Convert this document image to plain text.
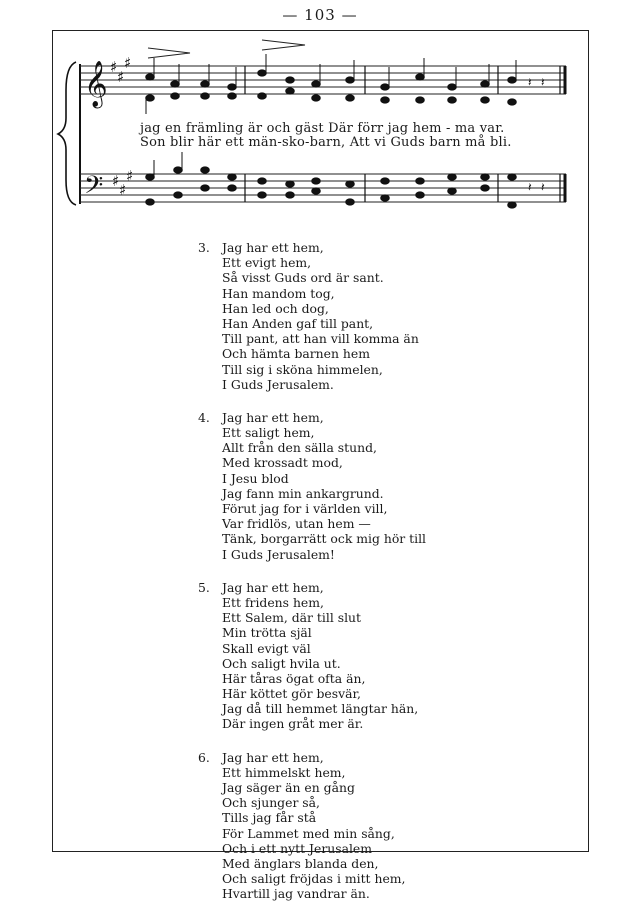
— 103 —
𝄞 ♯
♯
♯
𝄢 ♯ ♯
♯
𝄽 𝄽
𝄽 𝄽
jag en främling är och gäst Där förr jag hem - ma var.
Son blir här ett män-sko-barn, Att vi Guds barn må bli.
3. Jag har ett hem,
Ett evigt hem,
Så visst Guds ord är sant.
Han mandom tog,
Han led och dog,
Han Anden gaf till pant,
Till pant, att han vill komma än
Och hämta barnen hem
Till sig i sköna himmelen,
I Guds Jerusalem.
4. Jag har ett hem,
Ett saligt hem,
Allt från den sälla stund,
Med krossadt mod,
I Jesu blod
Jag fann min ankargrund.
Förut jag for i världen vill,
Var fridlös, utan hem —
Tänk, borgarrätt ock mig hör till
I Guds Jerusalem!
5. Jag har ett hem,
Ett fridens hem,
Ett Salem, där till slut
Min trötta själ
Skall evigt väl
Och saligt hvila ut.
Här tåras ögat ofta än,
Här köttet gör besvär,
Jag då till hemmet längtar hän,
Där ingen gråt mer är.
6. Jag har ett hem,
Ett himmelskt hem,
Jag säger än en gång
Och sjunger så,
Tills jag får stå
För Lammet med min sång,
Och i ett nytt Jerusalem
Med änglars blanda den,
Och saligt fröjdas i mitt hem,
Hvartill jag vandrar än.
